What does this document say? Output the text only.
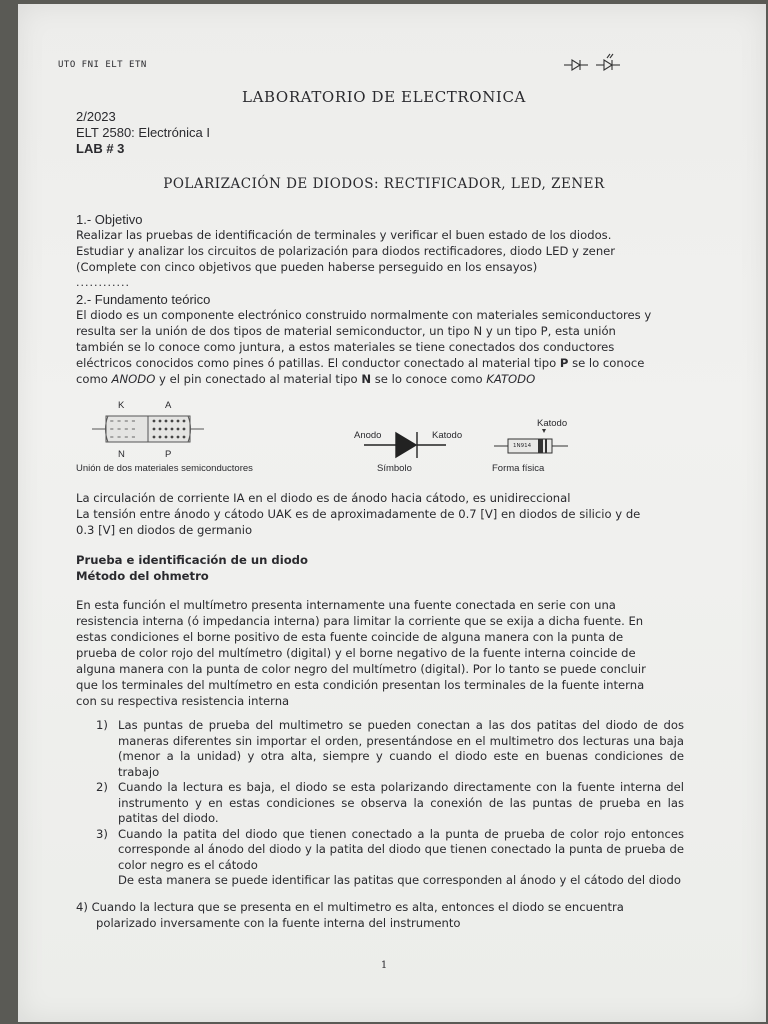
UTO FNI ELT ETN
LABORATORIO DE ELECTRONICA
2/2023
ELT 2580: Electrónica I
LAB # 3
POLARIZACIÓN DE DIODOS: RECTIFICADOR, LED, ZENER
1.- Objetivo
Realizar las pruebas de identificación de terminales y verificar el buen estado de los diodos.
Estudiar y analizar los circuitos de polarización para diodos rectificadores, diodo LED y zener
(Complete con cinco objetivos que pueden haberse perseguido en los ensayos)
............
2.- Fundamento teórico
El diodo es un componente electrónico construido normalmente con materiales semiconductores y
resulta ser la unión de dos tipos de material semiconductor, un tipo N y un tipo P, esta unión
también se lo conoce como juntura, a estos materiales se tiene conectados dos conductores
eléctricos conocidos como pines ó patillas. El conductor conectado al material tipo P se lo conoce
como ANODO y el pin conectado al material tipo N se lo conoce como KATODO
K	A
= = = =
= = = =
= = = =
N	P
Unión de dos materiales semiconductores
Anodo	Katodo
Símbolo
Katodo
1N914
Forma física
La circulación de corriente IA en el diodo es de ánodo hacia cátodo, es unidireccional
La tensión entre ánodo y cátodo UAK es de aproximadamente de 0.7 [V] en diodos de silicio y de
0.3 [V] en diodos de germanio
Prueba e identificación de un diodo
Método del ohmetro
En esta función el multímetro presenta internamente una fuente conectada en serie con una
resistencia interna (ó impedancia interna) para limitar la corriente que se exija a dicha fuente. En
estas condiciones el borne positivo de esta fuente coincide de alguna manera con la punta de
prueba de color rojo del multímetro (digital) y el borne negativo de la fuente interna coincide de
alguna manera con la punta de color negro del multímetro (digital). Por lo tanto se puede concluir
que los terminales del multímetro en esta condición presentan los terminales de la fuente interna
con su respectiva resistencia interna
1) Las puntas de prueba del multimetro se pueden conectan a las dos patitas del diodo de dos maneras diferentes sin importar el orden, presentándose en el multimetro dos lecturas una baja (menor a la unidad) y otra alta, siempre y cuando el diodo este en buenas condiciones de trabajo
2) Cuando la lectura es baja, el diodo se esta polarizando directamente con la fuente interna del instrumento y en estas condiciones se observa la conexión de las puntas de prueba en las patitas del diodo.
3) Cuando la patita del diodo que tienen conectado a la punta de prueba de color rojo entonces corresponde al ánodo del diodo y la patita del diodo que tienen conectado la punta de prueba de color negro es el cátodo
De esta manera se puede identificar las patitas que corresponden al ánodo y el cátodo del diodo
4) Cuando la lectura que se presenta en el multimetro es alta, entonces el diodo se encuentra
polarizado inversamente con la fuente interna del instrumento
1
